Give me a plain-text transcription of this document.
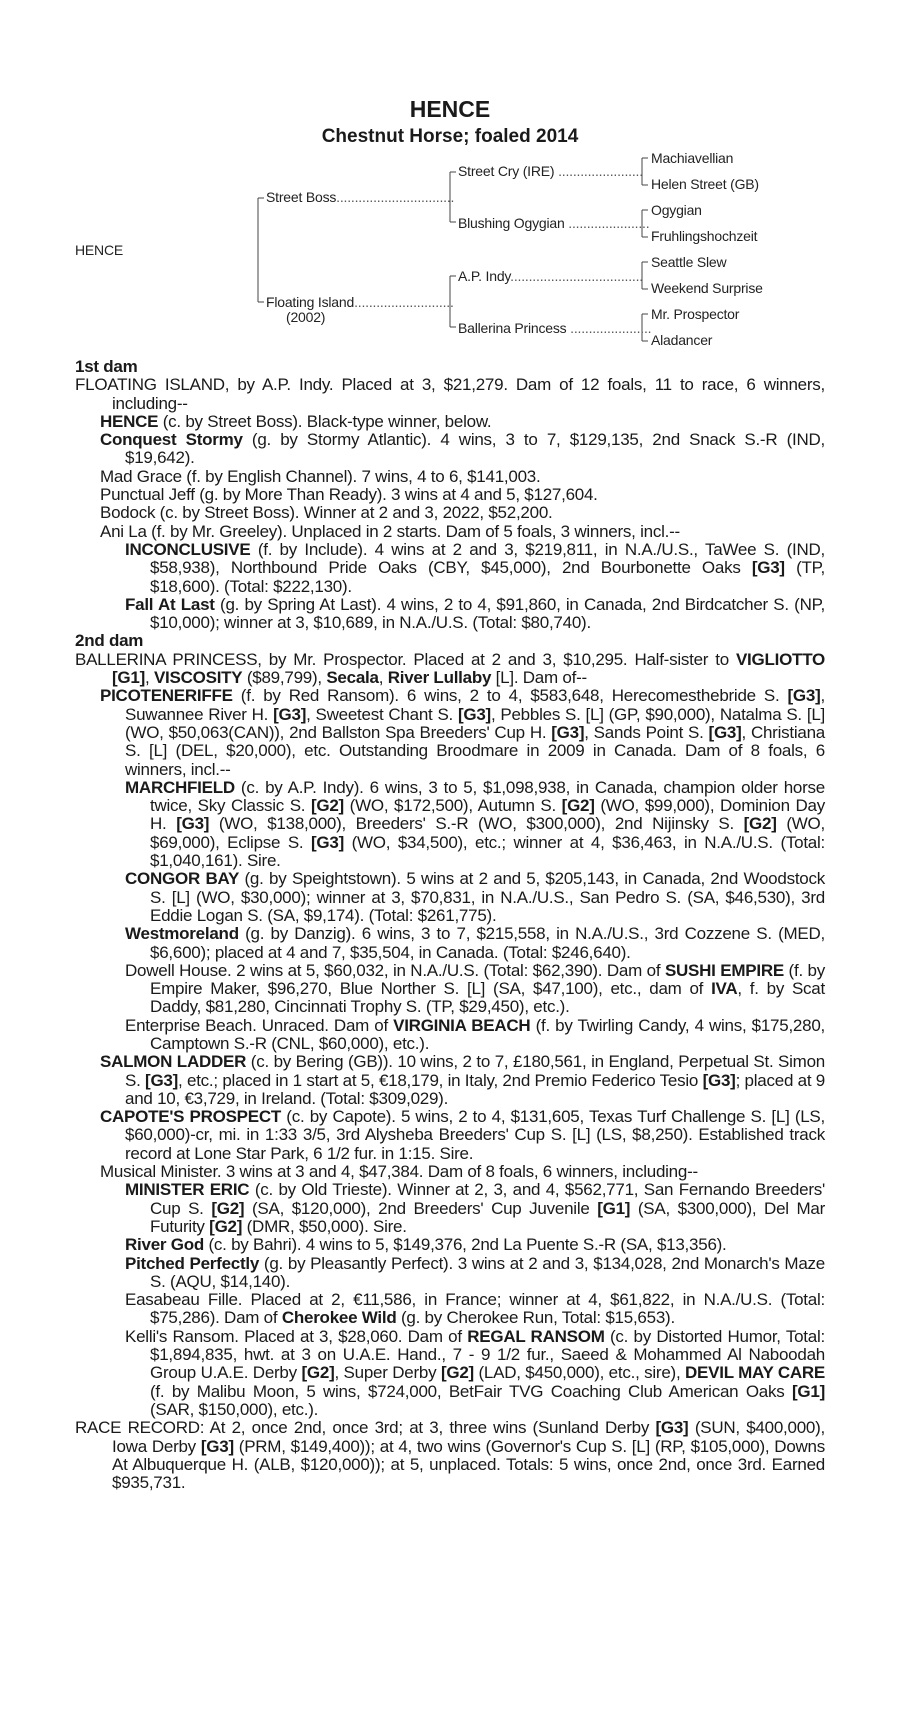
HENCE
Chestnut Horse; foaled 2014
HENCE
Street Boss................................
Floating Island...........................
(2002)
Street Cry (IRE) .......................
Blushing Ogygian ......................
A.P. Indy....................................
Ballerina Princess ......................
Machiavellian
Helen Street (GB)
Ogygian
Fruhlingshochzeit
Seattle Slew
Weekend Surprise
Mr. Prospector
Aladancer

1st dam

FLOATING ISLAND, by A.P. Indy. Placed at 3, $21,279. Dam of 12 foals, 11 to race, 6 winners, including--

HENCE (c. by Street Boss). Black-type winner, below.

Conquest Stormy (g. by Stormy Atlantic). 4 wins, 3 to 7, $129,135, 2nd Snack S.-R (IND, $19,642).

Mad Grace (f. by English Channel). 7 wins, 4 to 6, $141,003.

Punctual Jeff (g. by More Than Ready). 3 wins at 4 and 5, $127,604.

Bodock (c. by Street Boss). Winner at 2 and 3, 2022, $52,200.

Ani La (f. by Mr. Greeley). Unplaced in 2 starts. Dam of 5 foals, 3 winners, incl.--

INCONCLUSIVE (f. by Include). 4 wins at 2 and 3, $219,811, in N.A./U.S., TaWee S. (IND, $58,938), Northbound Pride Oaks (CBY, $45,000), 2nd Bourbonette Oaks [G3] (TP, $18,600). (Total: $222,130).

Fall At Last (g. by Spring At Last). 4 wins, 2 to 4, $91,860, in Canada, 2nd Birdcatcher S. (NP, $10,000); winner at 3, $10,689, in N.A./U.S. (Total: $80,740).

2nd dam

BALLERINA PRINCESS, by Mr. Prospector. Placed at 2 and 3, $10,295. Half-sister to VIGLIOTTO [G1], VISCOSITY ($89,799), Secala, River Lullaby [L]. Dam of--

PICOTENERIFFE (f. by Red Ransom). 6 wins, 2 to 4, $583,648, Herecomesthebride S. [G3], Suwannee River H. [G3], Sweetest Chant S. [G3], Pebbles S. [L] (GP, $90,000), Natalma S. [L] (WO, $50,063(CAN)), 2nd Ballston Spa Breeders' Cup H. [G3], Sands Point S. [G3], Christiana S. [L] (DEL, $20,000), etc. Outstanding Broodmare in 2009 in Canada. Dam of 8 foals, 6 winners, incl.--

MARCHFIELD (c. by A.P. Indy). 6 wins, 3 to 5, $1,098,938, in Canada, champion older horse twice, Sky Classic S. [G2] (WO, $172,500), Autumn S. [G2] (WO, $99,000), Dominion Day H. [G3] (WO, $138,000), Breeders' S.-R (WO, $300,000), 2nd Nijinsky S. [G2] (WO, $69,000), Eclipse S. [G3] (WO, $34,500), etc.; winner at 4, $36,463, in N.A./U.S. (Total: $1,040,161). Sire.

CONGOR BAY (g. by Speightstown). 5 wins at 2 and 5, $205,143, in Canada, 2nd Woodstock S. [L] (WO, $30,000); winner at 3, $70,831, in N.A./U.S., San Pedro S. (SA, $46,530), 3rd Eddie Logan S. (SA, $9,174). (Total: $261,775).

Westmoreland (g. by Danzig). 6 wins, 3 to 7, $215,558, in N.A./U.S., 3rd Cozzene S. (MED, $6,600); placed at 4 and 7, $35,504, in Canada. (Total: $246,640).

Dowell House. 2 wins at 5, $60,032, in N.A./U.S. (Total: $62,390). Dam of SUSHI EMPIRE (f. by Empire Maker, $96,270, Blue Norther S. [L] (SA, $47,100), etc., dam of IVA, f. by Scat Daddy, $81,280, Cincinnati Trophy S. (TP, $29,450), etc.).

Enterprise Beach. Unraced. Dam of VIRGINIA BEACH (f. by Twirling Candy, 4 wins, $175,280, Camptown S.-R (CNL, $60,000), etc.).

SALMON LADDER (c. by Bering (GB)). 10 wins, 2 to 7, £180,561, in England, Perpetual St. Simon S. [G3], etc.; placed in 1 start at 5, €18,179, in Italy, 2nd Premio Federico Tesio [G3]; placed at 9 and 10, €3,729, in Ireland. (Total: $309,029).

CAPOTE'S PROSPECT (c. by Capote). 5 wins, 2 to 4, $131,605, Texas Turf Challenge S. [L] (LS, $60,000)-cr, mi. in 1:33 3/5, 3rd Alysheba Breeders' Cup S. [L] (LS, $8,250). Established track record at Lone Star Park, 6 1/2 fur. in 1:15. Sire.

Musical Minister. 3 wins at 3 and 4, $47,384. Dam of 8 foals, 6 winners, including--

MINISTER ERIC (c. by Old Trieste). Winner at 2, 3, and 4, $562,771, San Fernando Breeders' Cup S. [G2] (SA, $120,000), 2nd Breeders' Cup Juvenile [G1] (SA, $300,000), Del Mar Futurity [G2] (DMR, $50,000). Sire.

River God (c. by Bahri). 4 wins to 5, $149,376, 2nd La Puente S.-R (SA, $13,356).

Pitched Perfectly (g. by Pleasantly Perfect). 3 wins at 2 and 3, $134,028, 2nd Monarch's Maze S. (AQU, $14,140).

Easabeau Fille. Placed at 2, €11,586, in France; winner at 4, $61,822, in N.A./U.S. (Total: $75,286). Dam of Cherokee Wild (g. by Cherokee Run, Total: $15,653).

Kelli's Ransom. Placed at 3, $28,060. Dam of REGAL RANSOM (c. by Distorted Humor, Total: $1,894,835, hwt. at 3 on U.A.E. Hand., 7 - 9 1/2 fur., Saeed & Mohammed Al Naboodah Group U.A.E. Derby [G2], Super Derby [G2] (LAD, $450,000), etc., sire), DEVIL MAY CARE (f. by Malibu Moon, 5 wins, $724,000, BetFair TVG Coaching Club American Oaks [G1] (SAR, $150,000), etc.).

RACE RECORD: At 2, once 2nd, once 3rd; at 3, three wins (Sunland Derby [G3] (SUN, $400,000), Iowa Derby [G3] (PRM, $149,400)); at 4, two wins (Governor's Cup S. [L] (RP, $105,000), Downs At Albuquerque H. (ALB, $120,000)); at 5, unplaced. Totals: 5 wins, once 2nd, once 3rd. Earned $935,731.
